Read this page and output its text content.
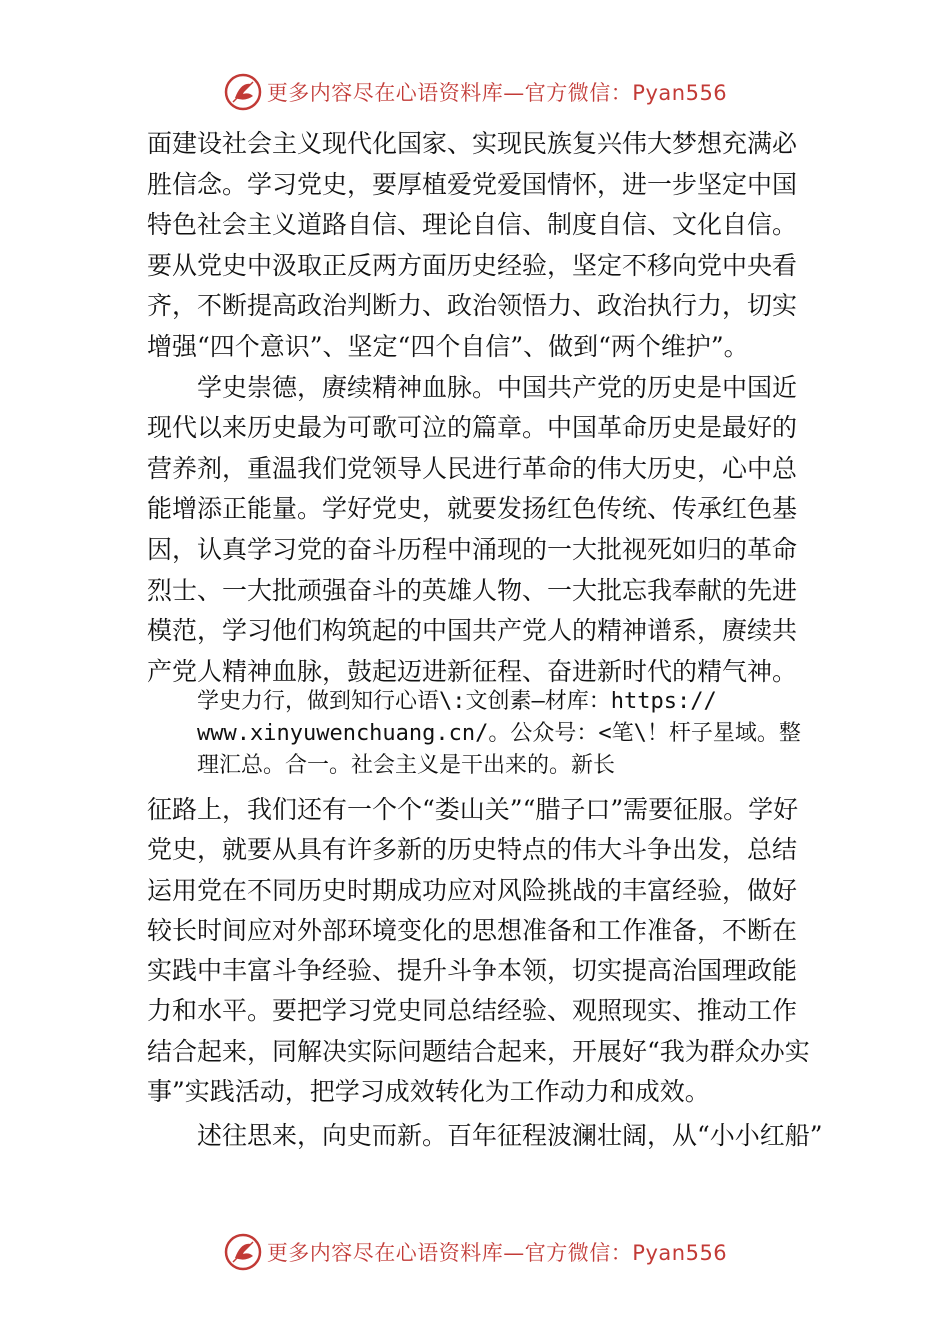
更多内容尽在心语资料库—官方微信：Pyan556
面建设社会主义现代化国家、实现民族复兴伟大梦想充满必
胜信念。学习党史，要厚植爱党爱国情怀，进一步坚定中国
特色社会主义道路自信、理论自信、制度自信、文化自信。
要从党史中汲取正反两方面历史经验，坚定不移向党中央看
齐，不断提高政治判断力、政治领悟力、政治执行力，切实
增强“四个意识”、坚定“四个自信”、做到“两个维护”。
学史崇德，赓续精神血脉。中国共产党的历史是中国近
现代以来历史最为可歌可泣的篇章。中国革命历史是最好的
营养剂，重温我们党领导人民进行革命的伟大历史，心中总
能增添正能量。学好党史，就要发扬红色传统、传承红色基
因，认真学习党的奋斗历程中涌现的一大批视死如归的革命
烈士、一大批顽强奋斗的英雄人物、一大批忘我奉献的先进
模范，学习他们构筑起的中国共产党人的精神谱系，赓续共
产党人精神血脉，鼓起迈进新征程、奋进新时代的精气神。
学史力行，做到知行心语\:文创素—材库：https://
www.xinyuwenchuang.cn/。公众号：<笔\！杆子星域。整
理汇总。合一。社会主义是干出来的。新长
征路上，我们还有一个个“娄山关”“腊子口”需要征服。学好
党史，就要从具有许多新的历史特点的伟大斗争出发，总结
运用党在不同历史时期成功应对风险挑战的丰富经验，做好
较长时间应对外部环境变化的思想准备和工作准备，不断在
实践中丰富斗争经验、提升斗争本领，切实提高治国理政能
力和水平。要把学习党史同总结经验、观照现实、推动工作
结合起来，同解决实际问题结合起来，开展好“我为群众办实
事”实践活动，把学习成效转化为工作动力和成效。
述往思来，向史而新。百年征程波澜壮阔，从“小小红船”
更多内容尽在心语资料库—官方微信：Pyan556
